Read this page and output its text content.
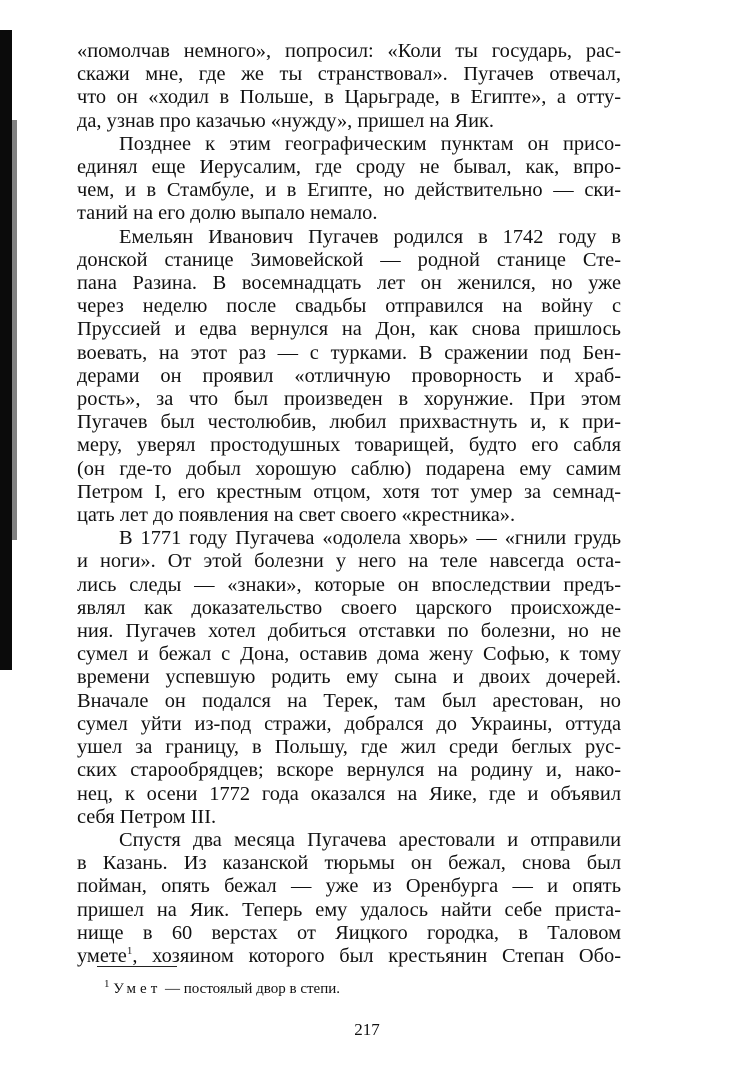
«помолчав немного», попросил: «Коли ты государь, рас-
скажи мне, где же ты странствовал». Пугачев отвечал,
что он «ходил в Польше, в Царьграде, в Египте», а отту-
да, узнав про казачью «нужду», пришел на Яик.
Позднее к этим географическим пунктам он присо-
единял еще Иерусалим, где сроду не бывал, как, впро-
чем, и в Стамбуле, и в Египте, но действительно — ски-
таний на его долю выпало немало.
Емельян Иванович Пугачев родился в 1742 году в
донской станице Зимовейской — родной станице Сте-
пана Разина. В восемнадцать лет он женился, но уже
через неделю после свадьбы отправился на войну с
Пруссией и едва вернулся на Дон, как снова пришлось
воевать, на этот раз — с турками. В сражении под Бен-
дерами он проявил «отличную проворность и храб-
рость», за что был произведен в хорунжие. При этом
Пугачев был честолюбив, любил прихвастнуть и, к при-
меру, уверял простодушных товарищей, будто его сабля
(он где-то добыл хорошую саблю) подарена ему самим
Петром I, его крестным отцом, хотя тот умер за семнад-
цать лет до появления на свет своего «крестника».
В 1771 году Пугачева «одолела хворь» — «гнили грудь
и ноги». От этой болезни у него на теле навсегда оста-
лись следы — «знаки», которые он впоследствии предъ-
являл как доказательство своего царского происхожде-
ния. Пугачев хотел добиться отставки по болезни, но не
сумел и бежал с Дона, оставив дома жену Софью, к тому
времени успевшую родить ему сына и двоих дочерей.
Вначале он подался на Терек, там был арестован, но
сумел уйти из-под стражи, добрался до Украины, оттуда
ушел за границу, в Польшу, где жил среди беглых рус-
ских старообрядцев; вскоре вернулся на родину и, нако-
нец, к осени 1772 года оказался на Яике, где и объявил
себя Петром III.
Спустя два месяца Пугачева арестовали и отправили
в Казань. Из казанской тюрьмы он бежал, снова был
пойман, опять бежал — уже из Оренбурга — и опять
пришел на Яик. Теперь ему удалось найти себе приста-
нище в 60 верстах от Яицкого городка, в Таловом
умете$^1$, хозяином которого был крестьянин Степан Обо-
$^1$ Умет — постоялый двор в степи.
217
